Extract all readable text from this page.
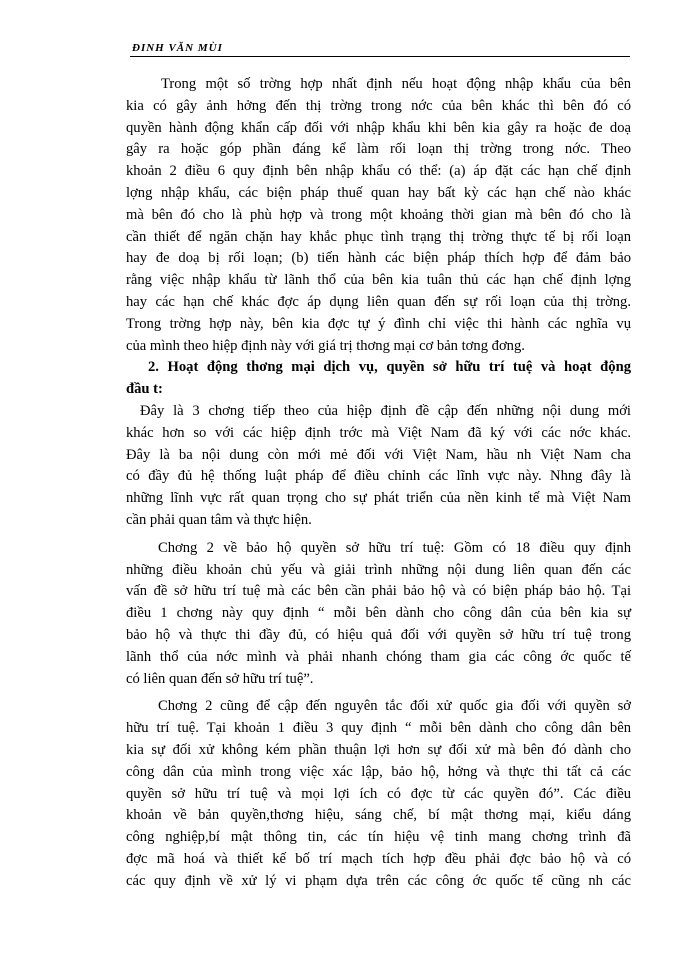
ĐINH VĂN MÙI

Trong một số trờng hợp nhất định nếu hoạt động nhập khẩu của bên
kia có gây ảnh hởng đến thị trờng trong nớc của bên khác thì bên đó có
quyền hành động khẩn cấp đối với nhập khẩu khi bên kia gây ra hoặc đe doạ
gây ra hoặc góp phần đáng kể làm rối loạn thị trờng trong nớc. Theo
khoản 2 điều 6 quy định bên nhập khẩu có thể: (a) áp đặt các hạn chế định
lợng nhập khẩu, các biện pháp thuế quan hay bất kỳ các hạn chế nào khác
mà bên đó cho là phù hợp và trong một khoảng thời gian mà bên đó cho là
cần thiết để ngăn chặn hay khắc phục tình trạng thị trờng thực tế bị rối loạn
hay đe doạ bị rối loạn; (b) tiến hành các biện pháp thích hợp để đảm bảo
rằng việc nhập khẩu từ lãnh thổ của bên kia tuân thủ các hạn chế định lợng
hay các hạn chế khác đợc áp dụng liên quan đến sự rối loạn của thị trờng.
Trong trờng hợp này, bên kia đợc tự ý đình chỉ việc thi hành các nghĩa vụ
của mình theo hiệp định này với giá trị thơng mại cơ bản tơng đơng.

2. Hoạt động thơng mại dịch vụ, quyền sở hữu trí tuệ và hoạt động
đầu t:

Đây là 3 chơng tiếp theo của hiệp định đề cập đến những nội dung mới
khác hơn so với các hiệp định trớc mà Việt Nam đã ký với các nớc khác.
Đây là ba nội dung còn mới mẻ đối với Việt Nam, hầu nh Việt Nam cha
có đầy đủ hệ thống luật pháp để điều chỉnh các lĩnh vực này. Nhng đây là
những lĩnh vực rất quan trọng cho sự phát triển của nền kinh tế mà Việt Nam
cần phải quan tâm và thực hiện.

Chơng 2 về bảo hộ quyền sở hữu trí tuệ: Gồm có 18 điều quy định
những điều khoản chủ yếu và giải trình những nội dung liên quan đến các
vấn đề sở hữu trí tuệ mà các bên cần phải bảo hộ và có biện pháp bảo hộ. Tại
điều 1 chơng này quy định “ mỗi bên dành cho công dân của bên kia sự
bảo hộ và thực thi đầy đủ, có hiệu quả đối với quyền sở hữu trí tuệ trong
lãnh thổ của nớc mình và phải nhanh chóng tham gia các công ớc quốc tế
có liên quan đến sở hữu trí tuệ”.

Chơng 2 cũng để cập đến nguyên tắc đối xử quốc gia đối với quyền sở
hữu trí tuệ. Tại khoản 1 điều 3 quy định “ mỗi bên dành cho công dân bên
kia sự đối xử không kém phần thuận lợi hơn sự đối xử mà bên đó dành cho
công dân của mình trong việc xác lập, bảo hộ, hởng và thực thi tất cả các
quyền sở hữu trí tuệ và mọi lợi ích có đợc từ các quyền đó”. Các điều
khoản về bản quyền,thơng hiệu, sáng chế, bí mật thơng mại, kiểu dáng
công nghiệp,bí mật thông tin, các tín hiệu vệ tinh mang chơng trình đã
đợc mã hoá và thiết kế bố trí mạch tích hợp đều phải đợc bảo hộ và có
các quy định về xử lý vi phạm dựa trên các công ớc quốc tế cũng nh các
